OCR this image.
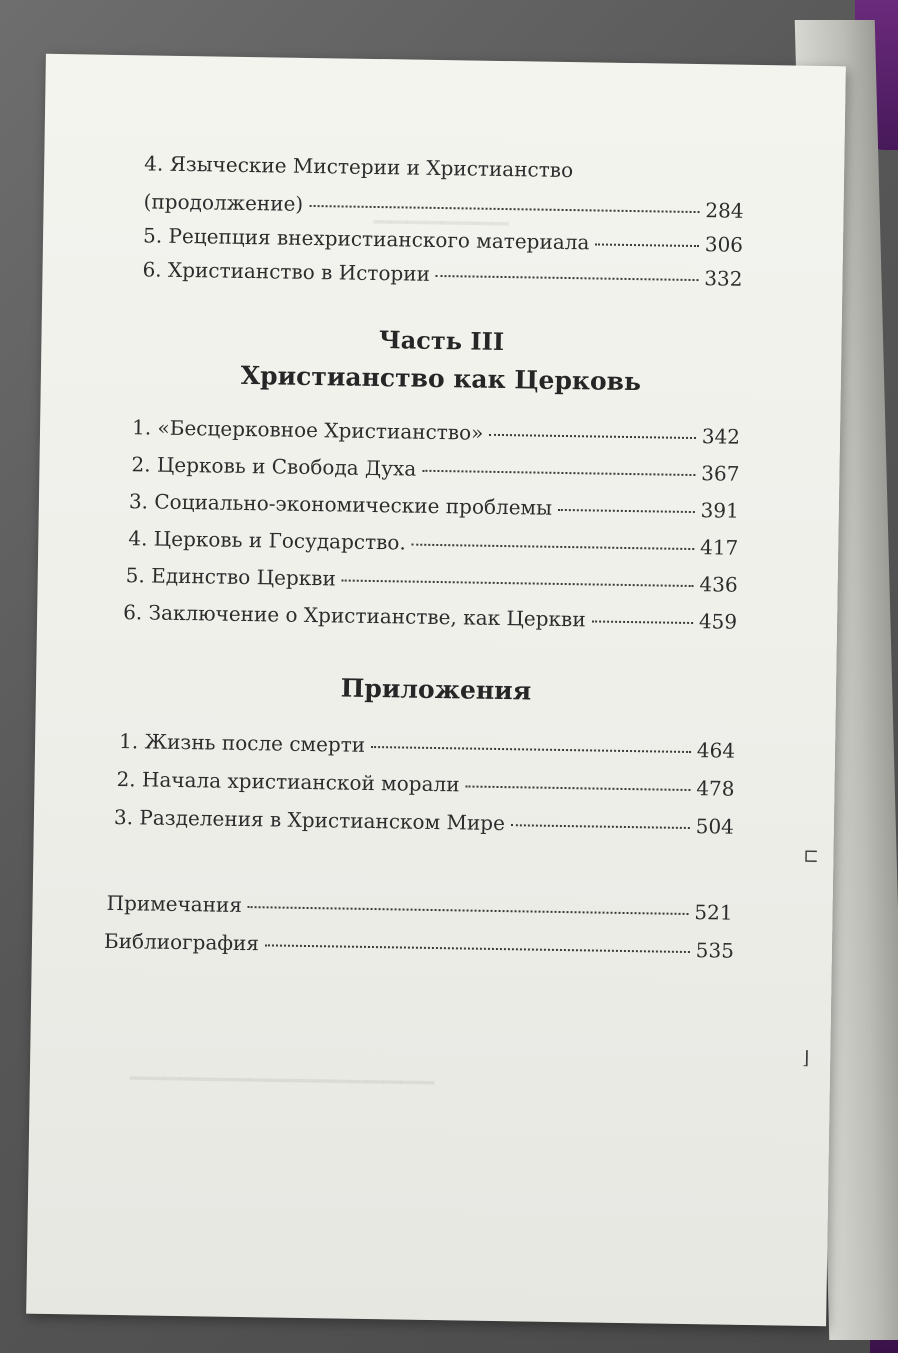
▁▁▁▁▁▁▁▁
▁▁▁▁▁▁▁▁▁▁▁▁▁▁▁▁▁▁
4. Языческие Мистерии и Христианство
(продолжение)	284
5. Рецепция внехристианского материала	306
6. Христианство в Истории	332
Часть III
Христианство как Церковь
1. «Бесцерковное Христианство»	342
2. Церковь и Свобода Духа	367
3. Социально-экономические проблемы	391
4. Церковь и Государство.	417
5. Единство Церкви	436
6. Заключение о Христианстве, как Церкви	459
Приложения
1. Жизнь после смерти	464
2. Начала христианской морали	478
3. Разделения в Христианском Мире	504
Примечания	521
Библиография	535
⊏
⌋
